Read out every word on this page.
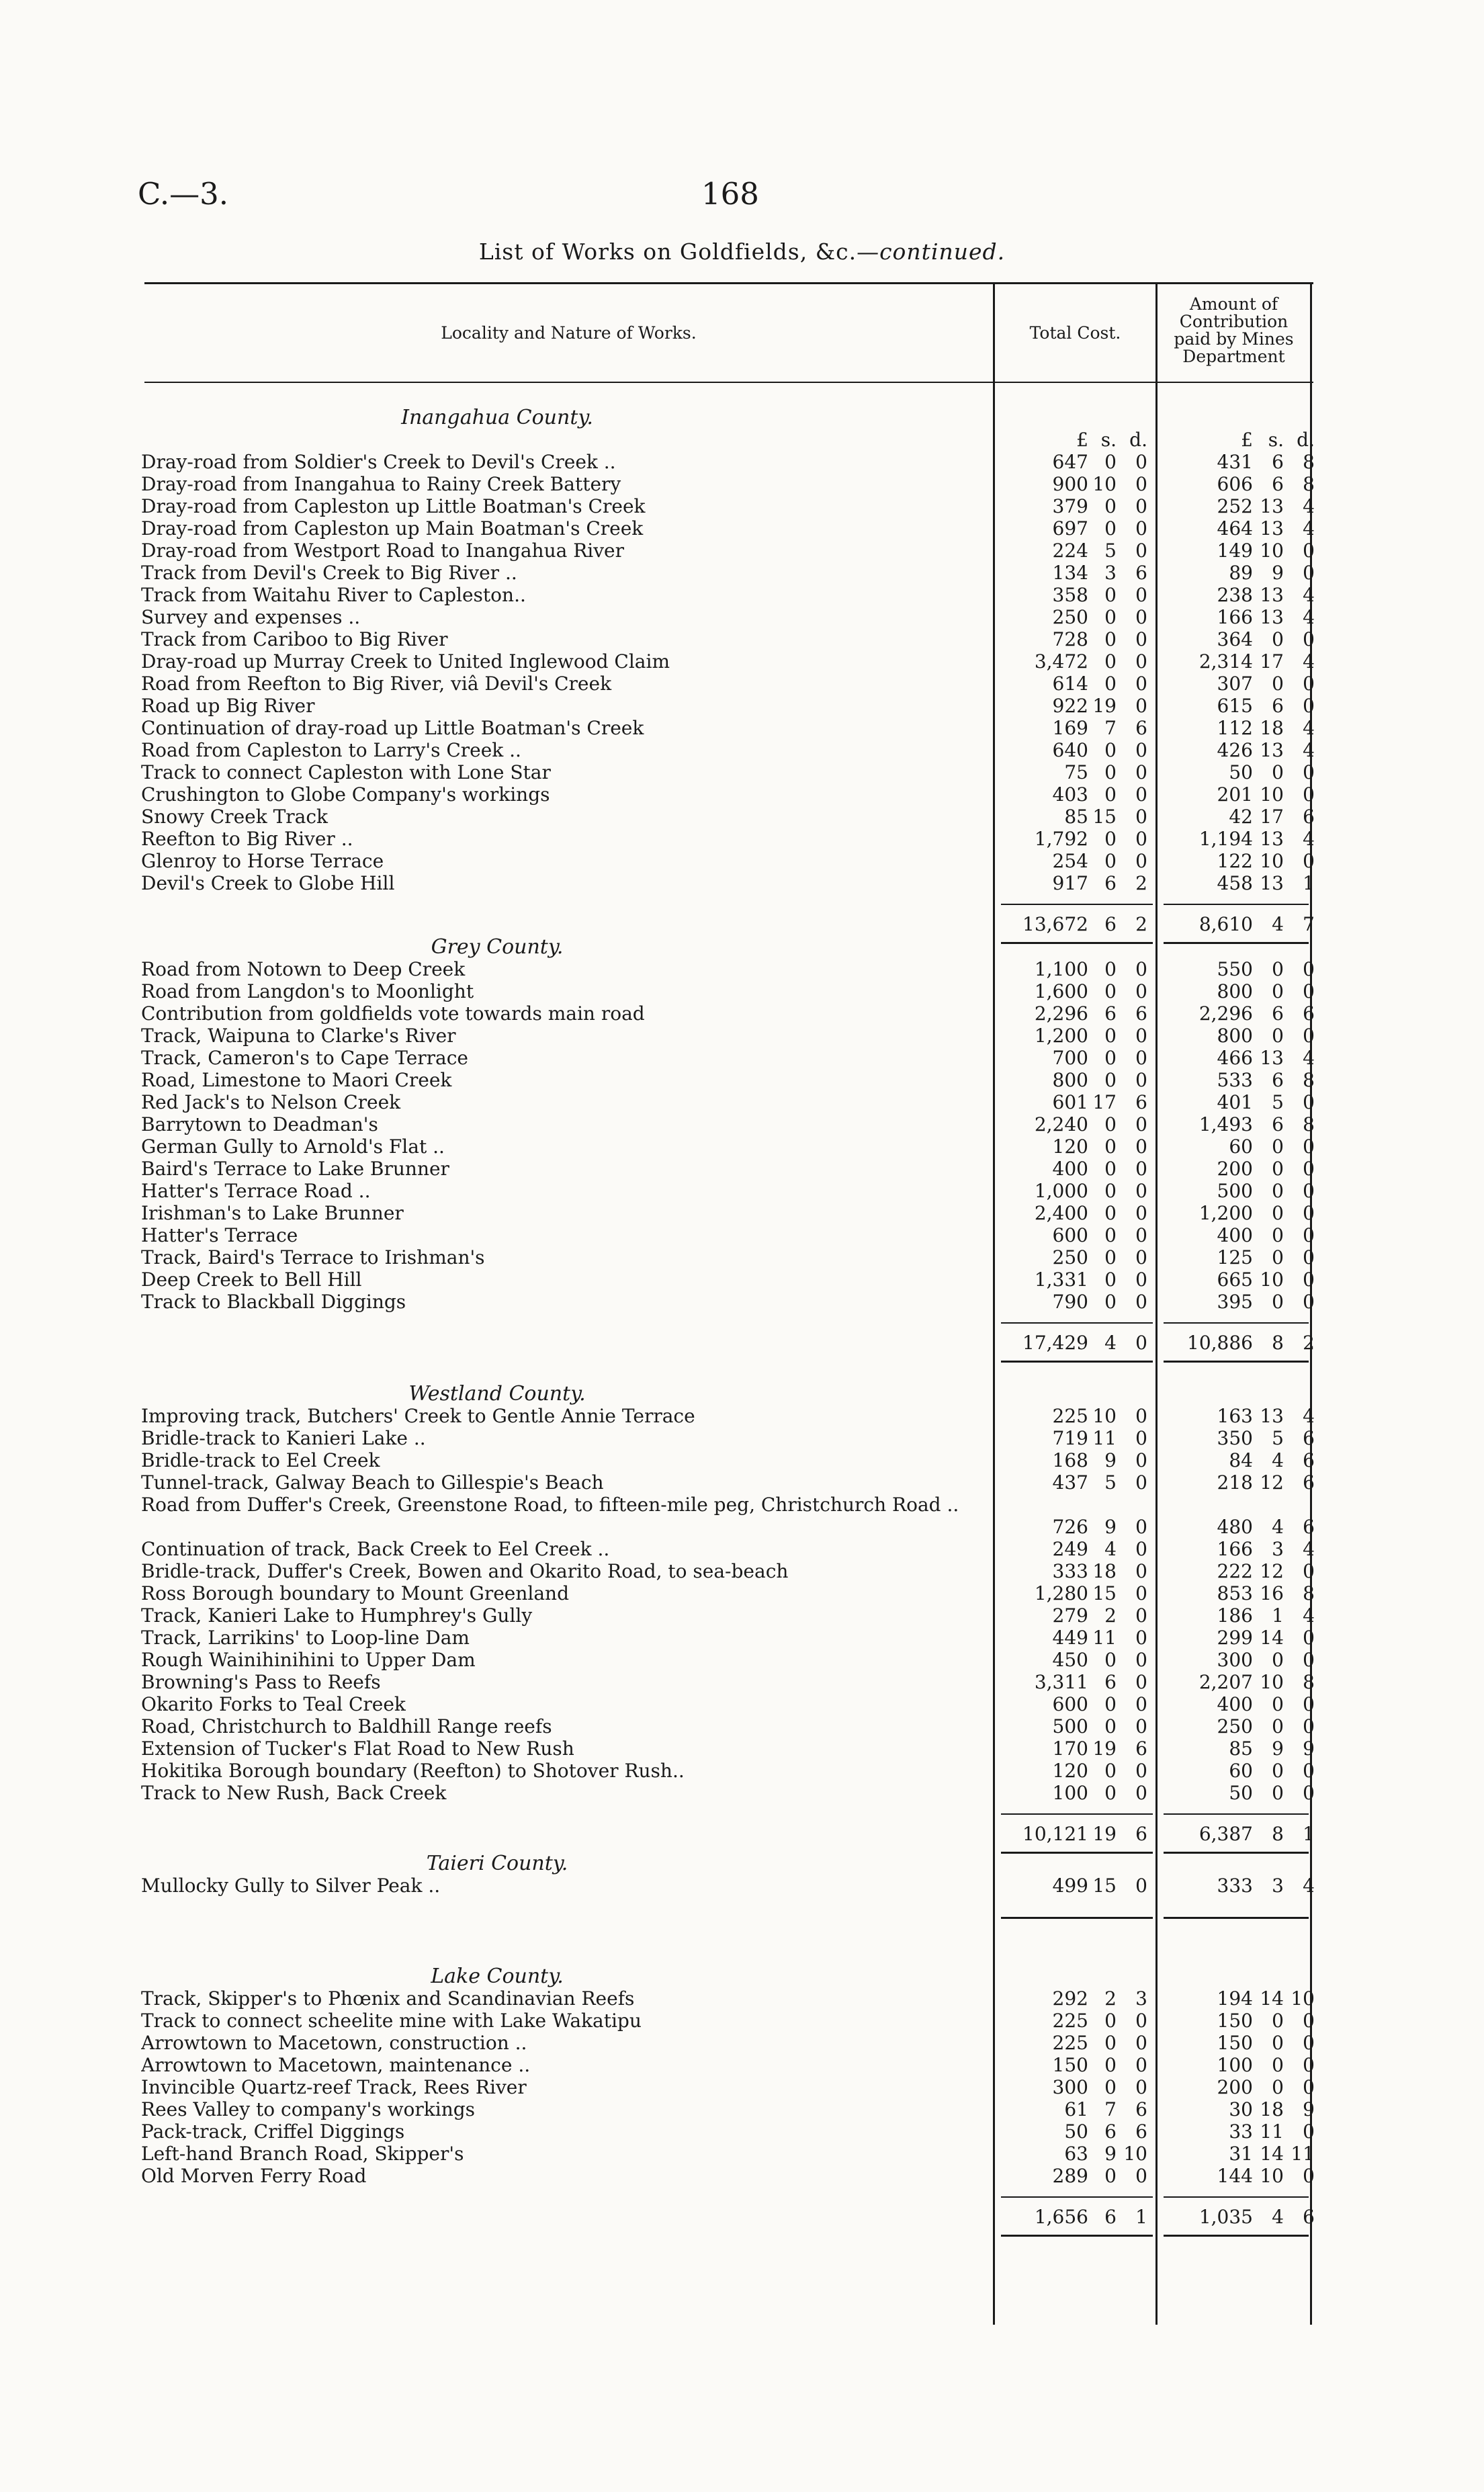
C.—3.	168
List of Works on Goldfields, &c.—continued.
Locality and Nature of Works.	Total Cost.
Amount of
Contribution
paid by Mines
Department
Inangahua County.
£ s. d.	£ s. d.
Dray-road from Soldier's Creek to Devil's Creek ..	647 0	0	431	6	8
Dray-road from Inangahua to Rainy Creek Battery	900 10	0	606	6	8
Dray-road from Capleston up Little Boatman's Creek	379 0	0	252 13	4
Dray-road from Capleston up Main Boatman's Creek	697 0	0	464 13	4
Dray-road from Westport Road to Inangahua River	224 5	0	149 10	0
Track from Devil's Creek to Big River ..	134 3	6	89	9	0
Track from Waitahu River to Capleston..	358 0	0	238 13	4
Survey and expenses ..	250 0	0	166 13	4
Track from Cariboo to Big River	728 0	0	364	0	0
Dray-road up Murray Creek to United Inglewood Claim	3,472 0	0	2,314 17	4
Road from Reefton to Big River, viâ Devil's Creek	614 0	0	307	0	0
Road up Big River	922 19	0	615	6	0
Continuation of dray-road up Little Boatman's Creek	169 7	6	112 18	4
Road from Capleston to Larry's Creek ..	640 0	0	426 13	4
Track to connect Capleston with Lone Star	75 0	0	50	0	0
Crushington to Globe Company's workings	403 0	0	201 10	0
Snowy Creek Track	85 15	0	42 17	6
Reefton to Big River ..	1,792 0	0	1,194 13	4
Glenroy to Horse Terrace	254 0	0	122 10	0
Devil's Creek to Globe Hill	917 6	2	458 13	1
13,672 6	2	8,610	4	7
Grey County.
Road from Notown to Deep Creek	1,100 0	0	550	0	0
Road from Langdon's to Moonlight	1,600 0	0	800	0	0
Contribution from goldfields vote towards main road	2,296 6	6	2,296	6	6
Track, Waipuna to Clarke's River	1,200 0	0	800	0	0
Track, Cameron's to Cape Terrace	700 0	0	466 13	4
Road, Limestone to Maori Creek	800 0	0	533	6	8
Red Jack's to Nelson Creek	601 17	6	401	5	0
Barrytown to Deadman's	2,240 0	0	1,493	6	8
German Gully to Arnold's Flat ..	120 0	0	60	0	0
Baird's Terrace to Lake Brunner	400 0	0	200	0	0
Hatter's Terrace Road ..	1,000 0	0	500	0	0
Irishman's to Lake Brunner	2,400 0	0	1,200	0	0
Hatter's Terrace	600 0	0	400	0	0
Track, Baird's Terrace to Irishman's	250 0	0	125	0	0
Deep Creek to Bell Hill	1,331 0	0	665 10	0
Track to Blackball Diggings	790 0	0	395	0	0
17,429 4	0	10,886	8	2
Westland County.
Improving track, Butchers' Creek to Gentle Annie Terrace	225 10	0	163 13	4
Bridle-track to Kanieri Lake ..	719 11	0	350	5	6
Bridle-track to Eel Creek	168 9	0	84	4	6
Tunnel-track, Galway Beach to Gillespie's Beach	437 5	0	218 12	6
Road from Duffer's Creek, Greenstone Road, to fifteen-mile peg, Christchurch Road ..
726 9	0	480	4	6
Continuation of track, Back Creek to Eel Creek ..	249 4	0	166	3	4
Bridle-track, Duffer's Creek, Bowen and Okarito Road, to sea-beach	333 18	0	222 12	0
Ross Borough boundary to Mount Greenland	1,280 15	0	853 16	8
Track, Kanieri Lake to Humphrey's Gully	279 2	0	186	1	4
Track, Larrikins' to Loop-line Dam	449 11	0	299 14	0
Rough Wainihinihini to Upper Dam	450 0	0	300	0	0
Browning's Pass to Reefs	3,311 6	0	2,207 10	8
Okarito Forks to Teal Creek	600 0	0	400	0	0
Road, Christchurch to Baldhill Range reefs	500 0	0	250	0	0
Extension of Tucker's Flat Road to New Rush	170 19	6	85	9	9
Hokitika Borough boundary (Reefton) to Shotover Rush..	120 0	0	60	0	0
Track to New Rush, Back Creek	100 0	0	50	0	0
10,121 19	6	6,387	8	1
Taieri County.
Mullocky Gully to Silver Peak ..	499 15	0	333	3	4
Lake County.
Track, Skipper's to Phœnix and Scandinavian Reefs	292 2	3	194 14 10
Track to connect scheelite mine with Lake Wakatipu	225 0	0	150	0	0
Arrowtown to Macetown, construction ..	225 0	0	150	0	0
Arrowtown to Macetown, maintenance ..	150 0	0	100	0	0
Invincible Quartz-reef Track, Rees River	300 0	0	200	0	0
Rees Valley to company's workings	61 7	6	30 18	9
Pack-track, Criffel Diggings	50 6	6	33 11	0
Left-hand Branch Road, Skipper's	63 9 10	31 14 11
Old Morven Ferry Road	289 0	0	144 10	0
1,656 6	1	1,035	4	6
